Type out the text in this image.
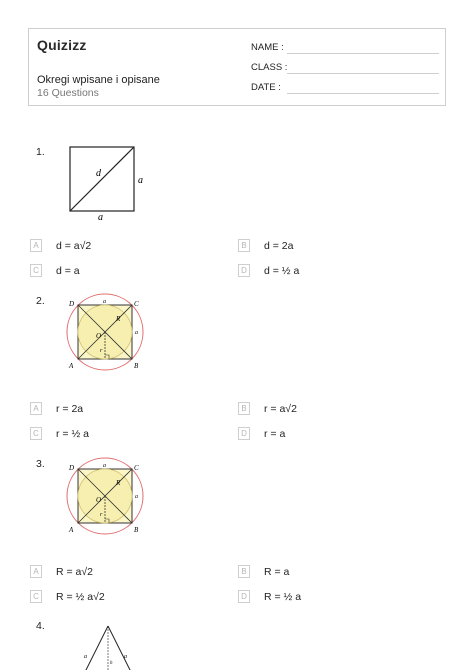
Quizizz
Okregi wpisane i opisane
16 Questions
NAME :
CLASS :
DATE :
1.
d
a
a
A	d = a√2	B	d = 2a
C d = a	D d = ½ a
2.	D	C
A	B
O
R
r
a
a
A	r = 2a	B	r = a√2
C r = ½ a	D r = a
3.	D	C
A	B
O
R
r
a
a
A	R = a√2	B	R = a
C R = ½ a√2	D R = ½ a
4.
a	a
h
